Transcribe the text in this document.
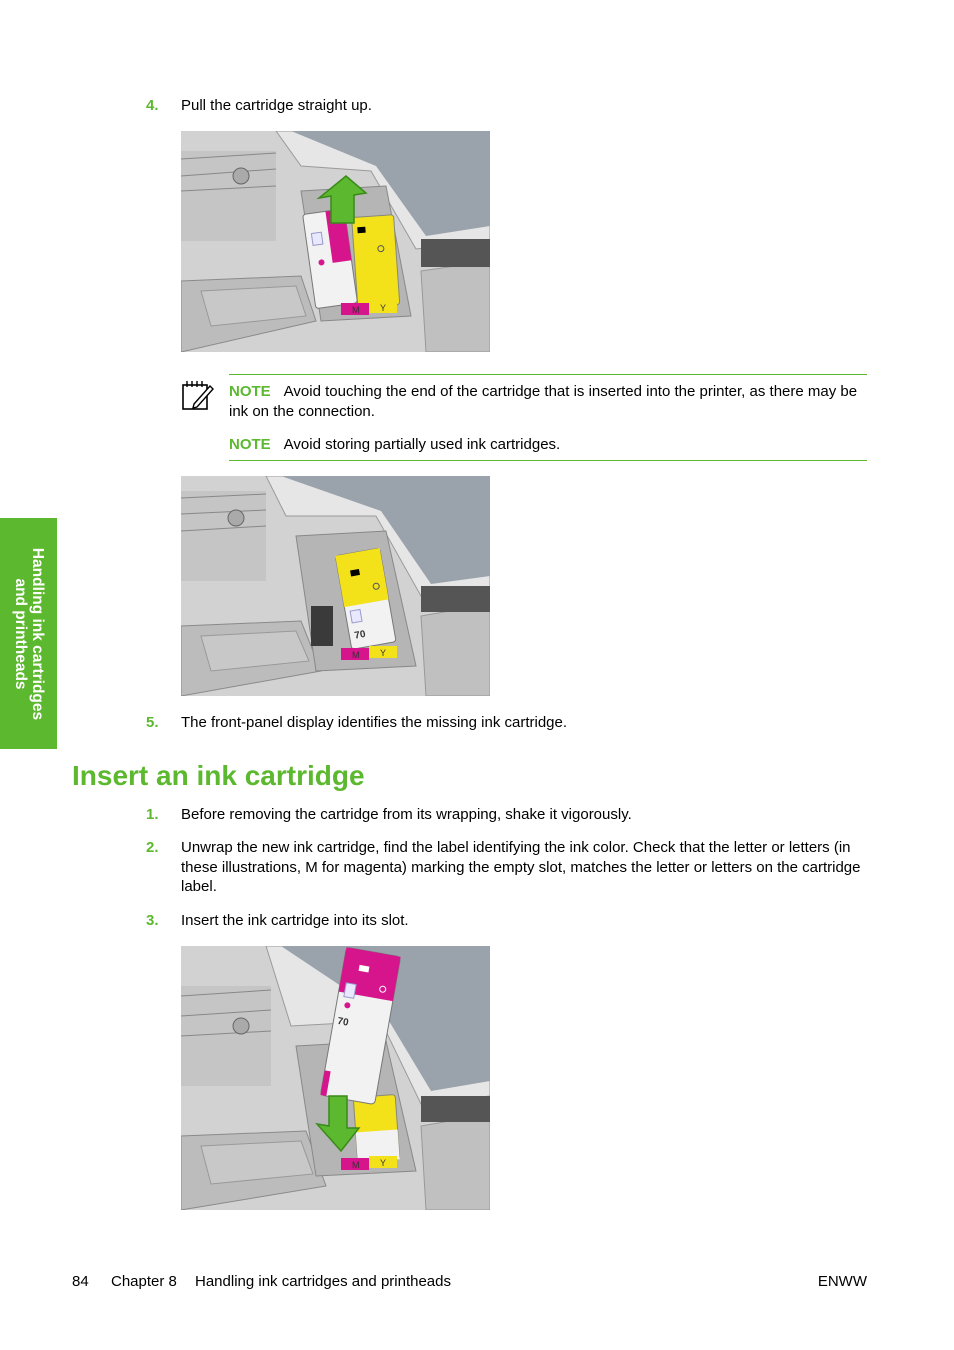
Handling ink cartridges
and printheads
4. Pull the cartridge straight up.
M Y
NOTE Avoid touching the end of the cartridge that is inserted into the printer, as there may be ink on the connection.
NOTE Avoid storing partially used ink cartridges.
70
M Y
5. The front-panel display identifies the missing ink cartridge.
Insert an ink cartridge
1. Before removing the cartridge from its wrapping, shake it vigorously.
2. Unwrap the new ink cartridge, find the label identifying the ink color. Check that the letter or letters (in these illustrations, M for magenta) marking the empty slot, matches the letter or letters on the cartridge label.
3. Insert the ink cartridge into its slot.
70
M Y
84 Chapter 8 Handling ink cartridges and printheads	ENWW
